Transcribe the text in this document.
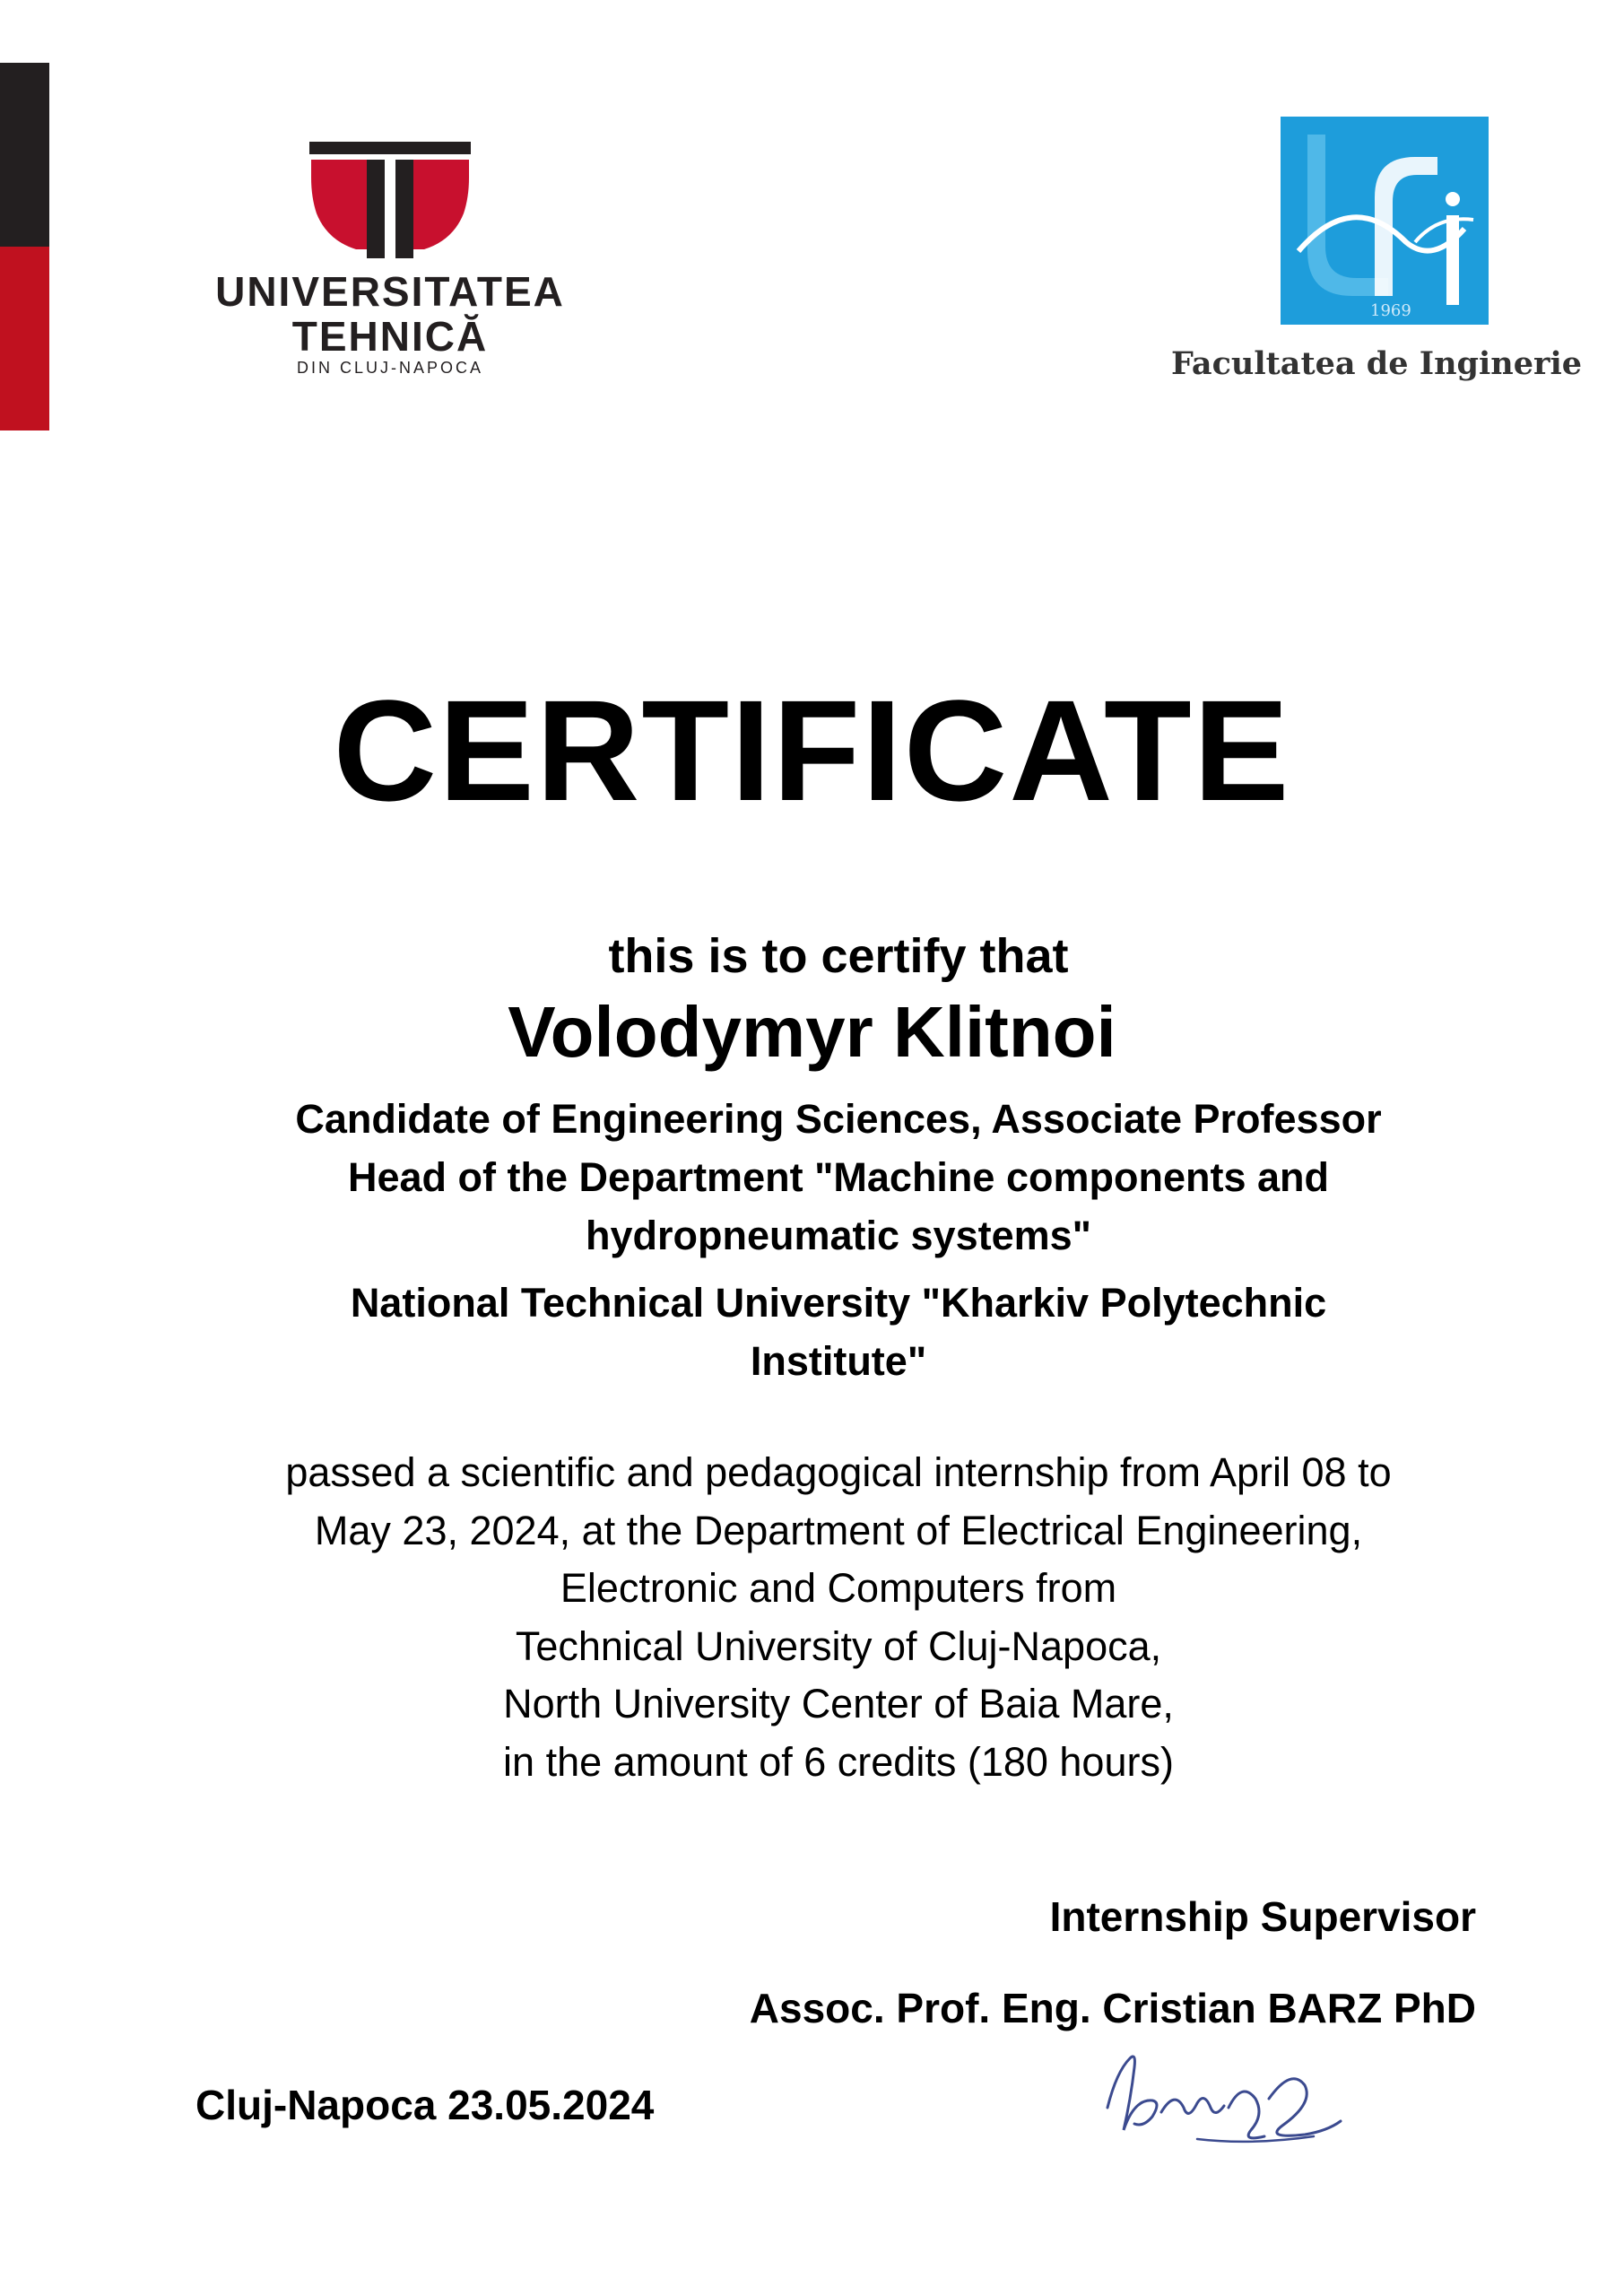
UNIVERSITATEA
TEHNICĂ
DIN CLUJ-NAPOCA
1969
Facultatea de Inginerie
CERTIFICATE
this is to certify that
Volodymyr Klitnoi
Candidate of Engineering Sciences, Associate Professor
Head of the Department "Machine components and
hydropneumatic systems"
National Technical University "Kharkiv Polytechnic
Institute"
passed a scientific and pedagogical internship from April 08 to
May 23, 2024, at the Department of Electrical Engineering,
Electronic and Computers from
Technical University of Cluj-Napoca,
North University Center of Baia Mare,
in the amount of 6 credits (180 hours)
Internship Supervisor
Assoc. Prof. Eng. Cristian BARZ PhD
Cluj-Napoca 23.05.2024
